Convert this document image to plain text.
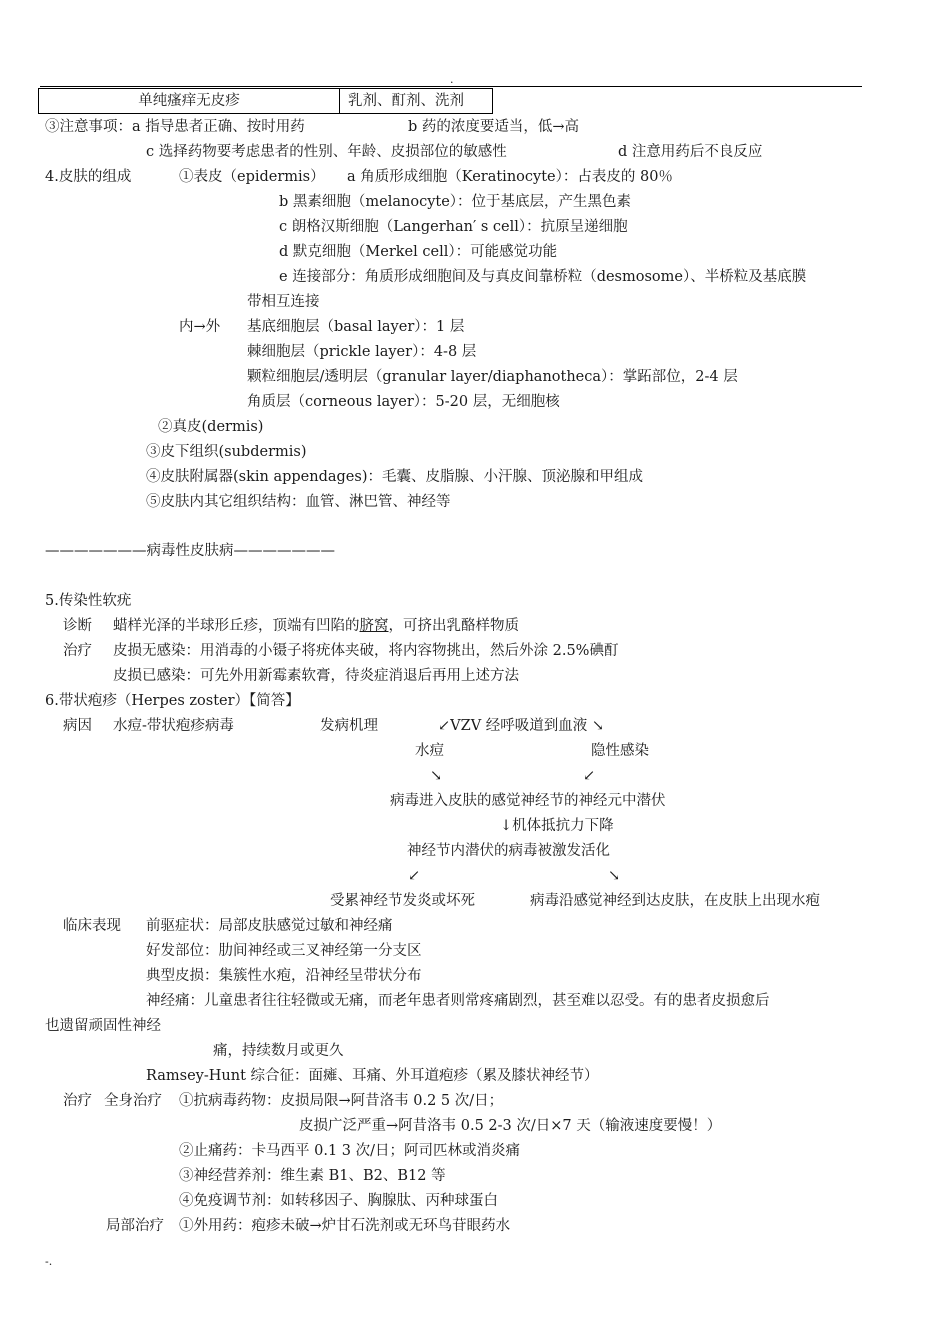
.
单纯瘙痒无皮疹	乳剂、酊剂、洗剂
③注意事项：a 指导患者正确、按时用药	b 药的浓度要适当，低→高
c 选择药物要考虑患者的性别、年龄、皮损部位的敏感性	d 注意用药后不良反应
4.皮肤的组成	①表皮（epidermis） a 角质形成细胞（Keratinocyte）：占表皮的 80％
b 黑素细胞（melanocyte）：位于基底层，产生黑色素
c 朗格汉斯细胞（Langerhan′ s cell）：抗原呈递细胞
d 默克细胞（Merkel cell）：可能感觉功能
e 连接部分：角质形成细胞间及与真皮间靠桥粒（desmosome）、半桥粒及基底膜
带相互连接
内→外 基底细胞层（basal layer）：1 层
棘细胞层（prickle layer）：4-8 层
颗粒细胞层/透明层（granular layer/diaphanotheca）：掌跖部位，2-4 层
角质层（corneous layer）：5-20 层，无细胞核
②真皮(dermis)
③皮下组织(subdermis)
④皮肤附属器(skin appendages)：毛囊、皮脂腺、小汗腺、顶泌腺和甲组成
⑤皮肤内其它组织结构：血管、淋巴管、神经等
———————病毒性皮肤病———————
5.传染性软疣
诊断 蜡样光泽的半球形丘疹，顶端有凹陷的脐窝，可挤出乳酪样物质
治疗 皮损无感染：用消毒的小镊子将疣体夹破，将内容物挑出，然后外涂 2.5%碘酊
皮损已感染：可先外用新霉素软膏，待炎症消退后再用上述方法
6.带状疱疹（Herpes zoster）【简答】
病因 水痘-带状疱疹病毒	发病机理	↙VZV 经呼吸道到血液 ↘
水痘	隐性感染
↘	↙
病毒进入皮肤的感觉神经节的神经元中潜伏
↓机体抵抗力下降
神经节内潜伏的病毒被激发活化
↙	↘
受累神经节发炎或坏死	病毒沿感觉神经到达皮肤，在皮肤上出现水疱
临床表现 前驱症状：局部皮肤感觉过敏和神经痛
好发部位：肋间神经或三叉神经第一分支区
典型皮损：集簇性水疱，沿神经呈带状分布
神经痛：儿童患者往往轻微或无痛，而老年患者则常疼痛剧烈，甚至难以忍受。有的患者皮损愈后
也遗留顽固性神经
痛，持续数月或更久
Ramsey-Hunt 综合征：面瘫、耳痛、外耳道疱疹（累及膝状神经节）
治疗 全身治疗 ①抗病毒药物：皮损局限→阿昔洛韦 0.2 5 次/日；
皮损广泛严重→阿昔洛韦 0.5 2-3 次/日×7 天（输液速度要慢！）
②止痛药：卡马西平 0.1 3 次/日；阿司匹林或消炎痛
③神经营养剂：维生素 B1、B2、B12 等
④免疫调节剂：如转移因子、胸腺肽、丙种球蛋白
局部治疗 ①外用药：疱疹未破→炉甘石洗剂或无环鸟苷眼药水
-.
